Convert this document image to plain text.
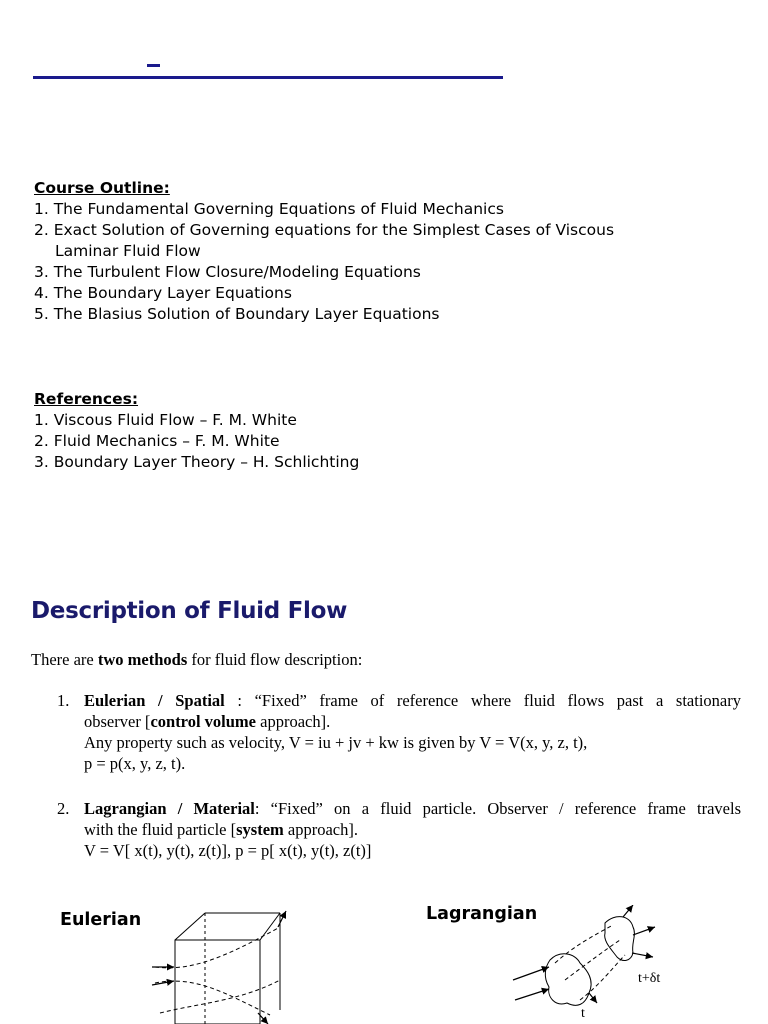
Course Outline:
1. The Fundamental Governing Equations of Fluid Mechanics
2. Exact Solution of Governing equations for the Simplest Cases of Viscous
Laminar Fluid Flow
3. The Turbulent Flow Closure/Modeling Equations
4. The Boundary Layer Equations
5. The Blasius Solution of Boundary Layer Equations
References:
1. Viscous Fluid Flow – F. M. White
2. Fluid Mechanics – F. M. White
3. Boundary Layer Theory – H. Schlichting
Description of Fluid Flow
There are two methods for fluid flow description:
1. Eulerian / Spatial : “Fixed” frame of reference where fluid flows past a stationary
observer [control volume approach].
Any property such as velocity, V = iu + jv + kw is given by V = V(x, y, z, t),
p = p(x, y, z, t).
2. Lagrangian / Material: “Fixed” on a fluid particle. Observer / reference frame travels
with the fluid particle [system approach].
V = V[ x(t), y(t), z(t)], p = p[ x(t), y(t), z(t)]
Eulerian	Lagrangian
t+δt
t
